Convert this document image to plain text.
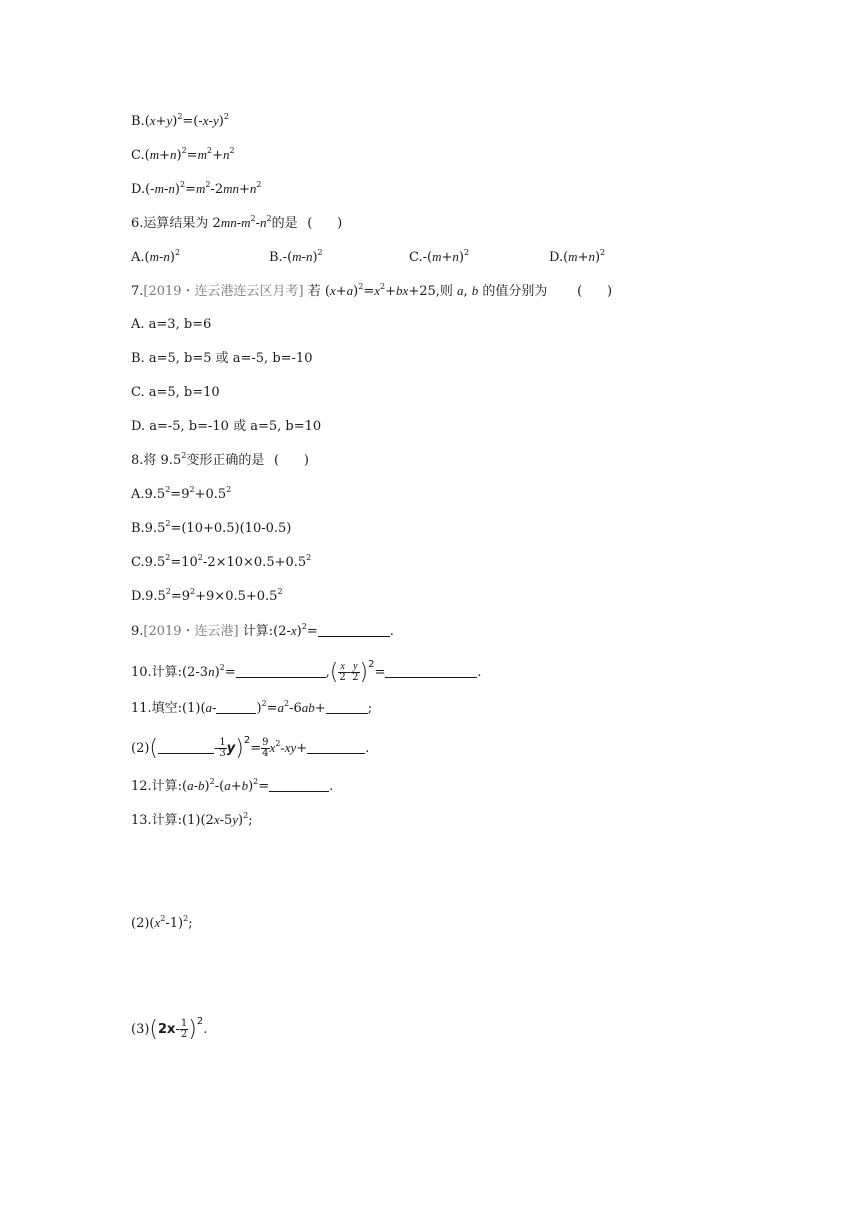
$B.(x+y)^2=(-x-y)^2$
$C.(m+n)^2=m^2+n^2$
$D.(-m-n)^2=m^2-2mn+n^2$
6.运算结果为 $2mn-m^2-n^2$的是 (      )
$A.(m-n)^2$	$B.-(m-n)^2$	$C.-(m+n)^2$	$D.(m+n)^2$
7.[2019・连云港连云区月考] 若 $(x+a)^2=x^2+bx+25$,则 a, b 的值分别为 (      )
A. a=3, b=6
B. a=5, b=5 或 a=-5, b=-10
C. a=5, b=10
D. a=-5, b=-10 或 a=5, b=10
8.将 $9.5^2$变形正确的是 (      )
$A.9.5^2=9^2+0.5^2$
$B.9.5^2=(10+0.5)(10-0.5)$
$C.9.5^2=10^2-2\times 10\times 0.5+0.5^2$
$D.9.5^2=9^2+9\times 0.5+0.5^2$
9.[2019・连云港] 计算$:(2-x)^2=$	.
10.计算$:(2-3n)^2=$	,( $\frac{x}{2} - \frac{y}{2} )^2=$	.
11.填空:(1)(a-	)$^2=a^2-6ab+$	;
(2)(	- $\frac{1}{3} y)^2= \frac{9}{4} x^2-xy+$	.
12.计算$:(a-b)^2-(a+b)^2=$	.
13.计算$:(1)(2x-5y)^2$;
$(2)(x^2-1)^2$;
$(3)(2x- \frac{1}{2} )^2$.
